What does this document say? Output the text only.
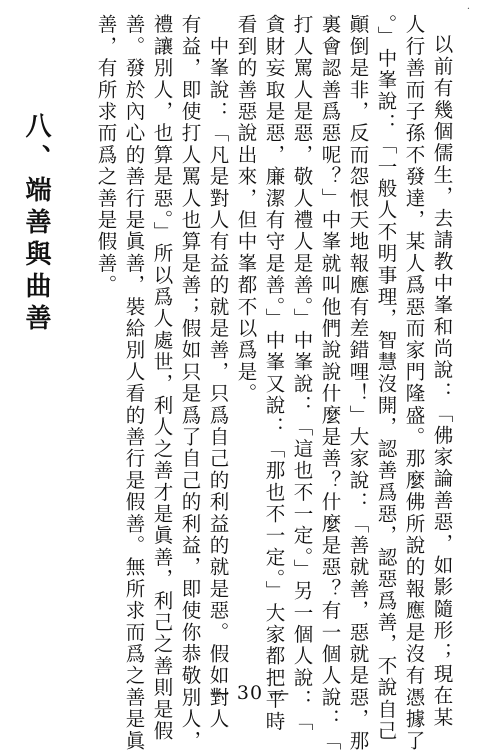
·

以前有幾個儒生，去請教中峯和尚說：「佛家論善惡，如影隨形；現在某

人行善而子孫不發達，某人爲惡而家門隆盛。那麼佛所說的報應是沒有憑據了

。」中峯說：「一般人不明事理，智慧沒開，認善爲惡，認惡爲善，不說自己

顚倒是非，反而怨恨天地報應有差錯哩！」大家說：「善就善，惡就是惡，那

裏會認善爲惡呢？」中峯就叫他們說說什麼是善？什麼是惡？有一個人說：「

打人罵人是惡，敬人禮人是善。」中峯說：「這也不一定。」另一個人說：「

貪財妄取是惡，廉潔有守是善。」中峯又說：「那也不一定。」大家都把平時

看到的善惡說出來，但中峯都不以爲是。

　中峯說：「凡是對人有益的就是善，只爲自己的利益的就是惡。假如對人

有益，即使打人罵人也算是善；假如只是爲了自己的利益，即使你恭敬別人，

禮讓別人，也算是惡。」所以爲人處世，利人之善才是眞善，利己之善則是假

善。發於內心的善行是眞善，裝給別人看的善行是假善。無所求而爲之善是眞

善，有所求而爲之善是假善。

八、端善與曲善
— 30 —
